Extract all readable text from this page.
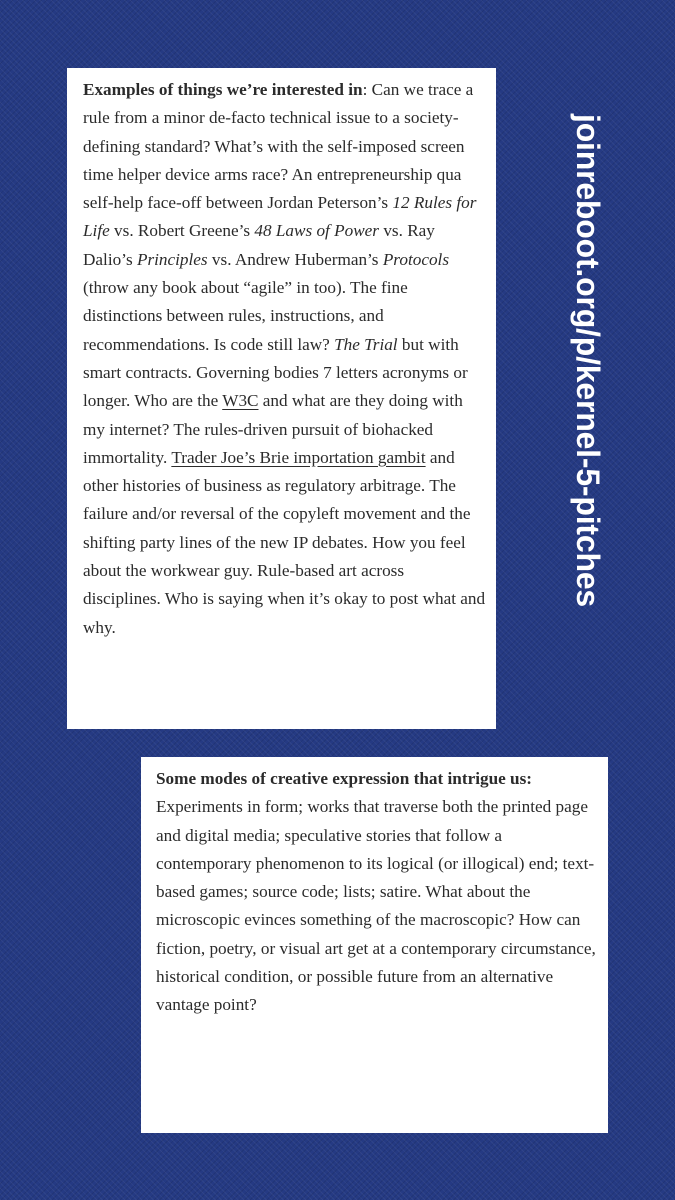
Examples of things we’re interested in: Can we trace a rule from a minor de-facto technical issue to a society-defining standard? What’s with the self-imposed screen time helper device arms race? An entrepreneurship qua self-help face-off between Jordan Peterson’s 12 Rules for Life vs. Robert Greene’s 48 Laws of Power vs. Ray Dalio’s Principles vs. Andrew Huberman’s Protocols (throw any book about “agile” in too). The fine distinctions between rules, instructions, and recommendations. Is code still law? The Trial but with smart contracts. Governing bodies 7 letters acronyms or longer. Who are the W3C and what are they doing with my internet? The rules-driven pursuit of biohacked immortality. Trader Joe’s Brie importation gambit and other histories of business as regulatory arbitrage. The failure and/or reversal of the copyleft movement and the shifting party lines of the new IP debates. How you feel about the workwear guy. Rule-based art across disciplines. Who is saying when it’s okay to post what and why.

Some modes of creative expression that intrigue us: Experiments in form; works that traverse both the printed page and digital media; speculative stories that follow a contemporary phenomenon to its logical (or illogical) end; text-based games; source code; lists; satire. What about the microscopic evinces something of the macroscopic? How can fiction, poetry, or visual art get at a contemporary circumstance, historical condition, or possible future from an alternative vantage point?

joinreboot.org/p/kernel-5-pitches
